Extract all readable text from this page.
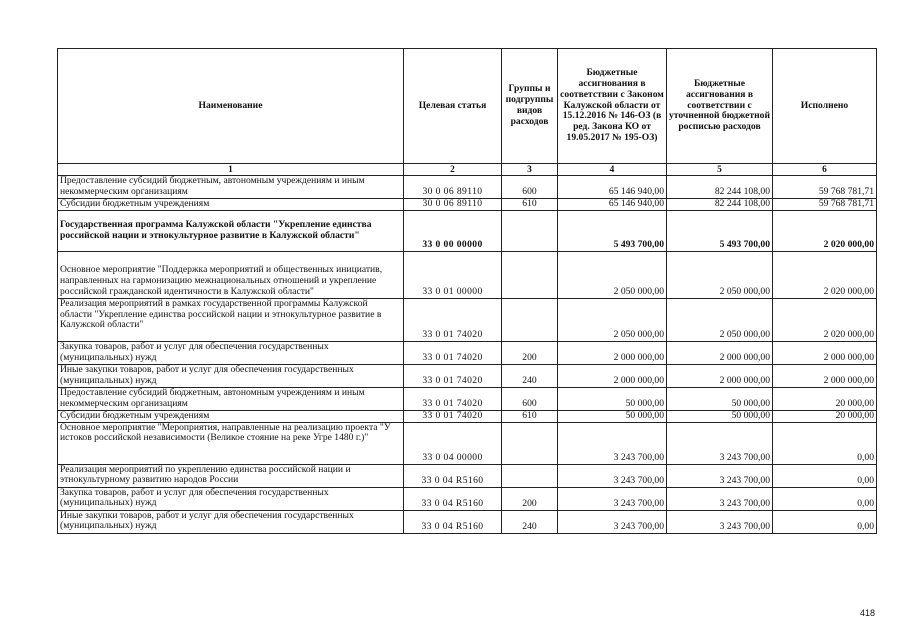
Наименование	Целевая статья	Группы и подгруппы видов расходов	Бюджетные ассигнования в соответствии с Законом Калужской области от 15.12.2016 № 146-ОЗ (в ред. Закона КО от 19.05.2017 № 195-ОЗ)	Бюджетные ассигнования в соответствии с уточненной бюджетной росписью расходов	Исполнено
1	2	3	4	5	6
Предоставление субсидий бюджетным, автономным учреждениям и иным некоммерческим организациям	30 0 06 89110	600	65 146 940,00	82 244 108,00	59 768 781,71
Субсидии бюджетным учреждениям	30 0 06 89110	610	65 146 940,00	82 244 108,00	59 768 781,71
Государственная программа Калужской области "Укрепление единства российской нации и этнокультурное развитие в Калужской области"	33 0 00 00000		5 493 700,00	5 493 700,00	2 020 000,00
Основное мероприятие "Поддержка мероприятий и общественных инициатив, направленных на гармонизацию межнациональных отношений и укрепление российской гражданской идентичности в Калужской области"	33 0 01 00000		2 050 000,00	2 050 000,00	2 020 000,00
Реализация мероприятий в рамках государственной программы Калужской области "Укрепление единства российской нации и этнокультурное развитие в Калужской области"	33 0 01 74020		2 050 000,00	2 050 000,00	2 020 000,00
Закупка товаров, работ и услуг для обеспечения государственных (муниципальных) нужд	33 0 01 74020	200	2 000 000,00	2 000 000,00	2 000 000,00
Иные закупки товаров, работ и услуг для обеспечения государственных (муниципальных) нужд	33 0 01 74020	240	2 000 000,00	2 000 000,00	2 000 000,00
Предоставление субсидий бюджетным, автономным учреждениям и иным некоммерческим организациям	33 0 01 74020	600	50 000,00	50 000,00	20 000,00
Субсидии бюджетным учреждениям	33 0 01 74020	610	50 000,00	50 000,00	20 000,00
Основное мероприятие "Мероприятия, направленные на реализацию проекта "У истоков российской независимости (Великое стояние на реке Угре 1480 г.)"	33 0 04 00000		3 243 700,00	3 243 700,00	0,00
Реализация мероприятий по укреплению единства российской нации и этнокультурному развитию народов России	33 0 04 R5160		3 243 700,00	3 243 700,00	0,00
Закупка товаров, работ и услуг для обеспечения государственных (муниципальных) нужд	33 0 04 R5160	200	3 243 700,00	3 243 700,00	0,00
Иные закупки товаров, работ и услуг для обеспечения государственных (муниципальных) нужд	33 0 04 R5160	240	3 243 700,00	3 243 700,00	0,00
418
